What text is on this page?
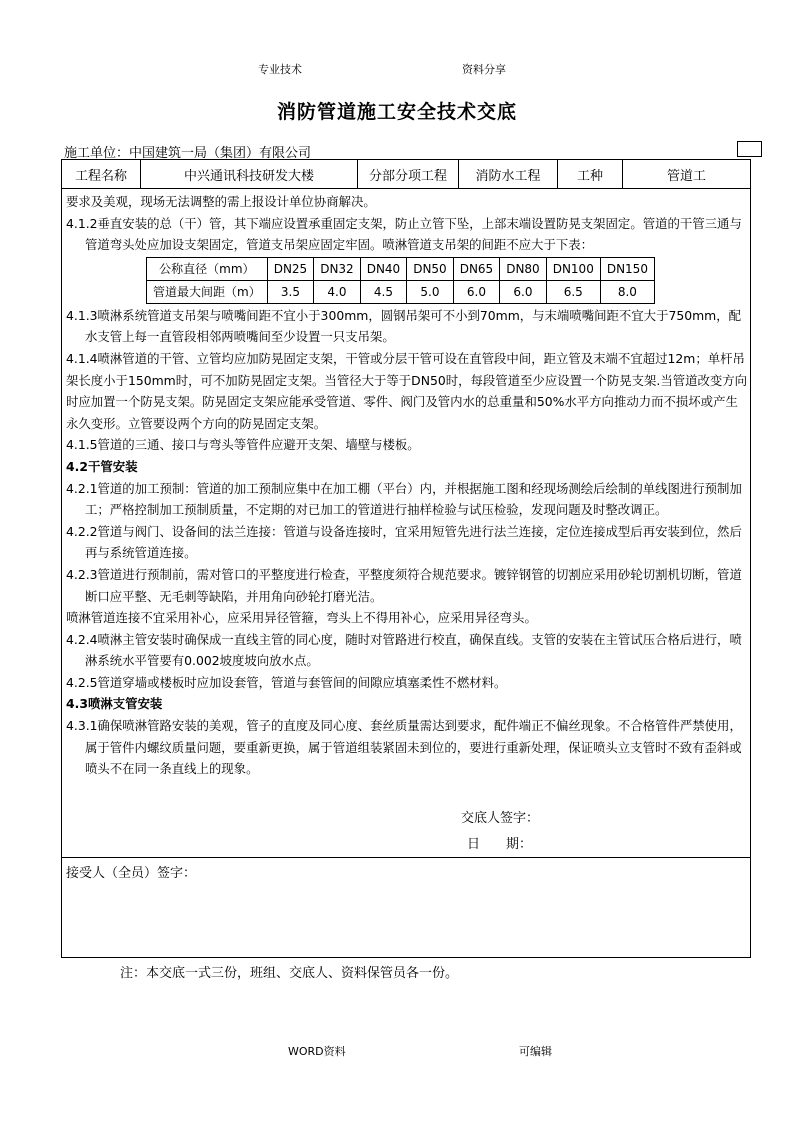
专业技术	资料分享
消防管道施工安全技术交底
施工单位：中国建筑一局（集团）有限公司
工程名称	中兴通讯科技研发大楼	分部分项工程	消防水工程	工种	管道工

要求及美观，现场无法调整的需上报设计单位协商解决。

4.1.2垂直安装的总（干）管，其下端应设置承重固定支架，防止立管下坠，上部末端设置防晃支架固定。管道的干管三通与管道弯头处应加设支架固定，管道支吊架应固定牢固。喷淋管道支吊架的间距不应大于下表：

公称直径（mm）	DN25	DN32	DN40	DN50	DN65	DN80	DN100	DN150
管道最大间距（m）	3.5	4.0	4.5	5.0	6.0	6.0	6.5	8.0

4.1.3喷淋系统管道支吊架与喷嘴间距不宜小于300mm，圆钢吊架可不小到70mm，与末端喷嘴间距不宜大于750mm，配水支管上每一直管段相邻两喷嘴间至少设置一只支吊架。

4.1.4喷淋管道的干管、立管均应加防晃固定支架，干管或分层干管可设在直管段中间，距立管及末端不宜超过12m；单杆吊架长度小于150mm时，可不加防晃固定支架。当管径大于等于DN50时，每段管道至少应设置一个防晃支架.当管道改变方向时应加置一个防晃支架。防晃固定支架应能承受管道、零件、阀门及管内水的总重量和50%水平方向推动力而不损坏或产生永久变形。立管要设两个方向的防晃固定支架。

4.1.5管道的三通、接口与弯头等管件应避开支架、墙壁与楼板。

4.2干管安装

4.2.1管道的加工预制：管道的加工预制应集中在加工棚（平台）内，并根据施工图和经现场测绘后绘制的单线图进行预制加工；严格控制加工预制质量，不定期的对已加工的管道进行抽样检验与试压检验，发现问题及时整改调正。

4.2.2管道与阀门、设备间的法兰连接：管道与设备连接时，宜采用短管先进行法兰连接，定位连接成型后再安装到位，然后再与系统管道连接。

4.2.3管道进行预制前，需对管口的平整度进行检查，平整度须符合规范要求。镀锌钢管的切割应采用砂轮切割机切断，管道断口应平整、无毛刺等缺陷，并用角向砂轮打磨光洁。

喷淋管道连接不宜采用补心，应采用异径管箍，弯头上不得用补心，应采用异径弯头。

4.2.4喷淋主管安装时确保成一直线主管的同心度，随时对管路进行校直，确保直线。支管的安装在主管试压合格后进行，喷淋系统水平管要有0.002坡度坡向放水点。

4.2.5管道穿墙或楼板时应加设套管，管道与套管间的间隙应填塞柔性不燃材料。

4.3喷淋支管安装

4.3.1确保喷淋管路安装的美观，管子的直度及同心度、套丝质量需达到要求，配件端正不偏丝现象。不合格管件严禁使用，属于管件内螺纹质量问题，要重新更换，属于管道组装紧固未到位的，要进行重新处理，保证喷头立支管时不致有歪斜或喷头不在同一条直线上的现象。

交底人签字：
日　　期：
接受人（全员）签字：
注：本交底一式三份，班组、交底人、资料保管员各一份。
WORD资料	可编辑
